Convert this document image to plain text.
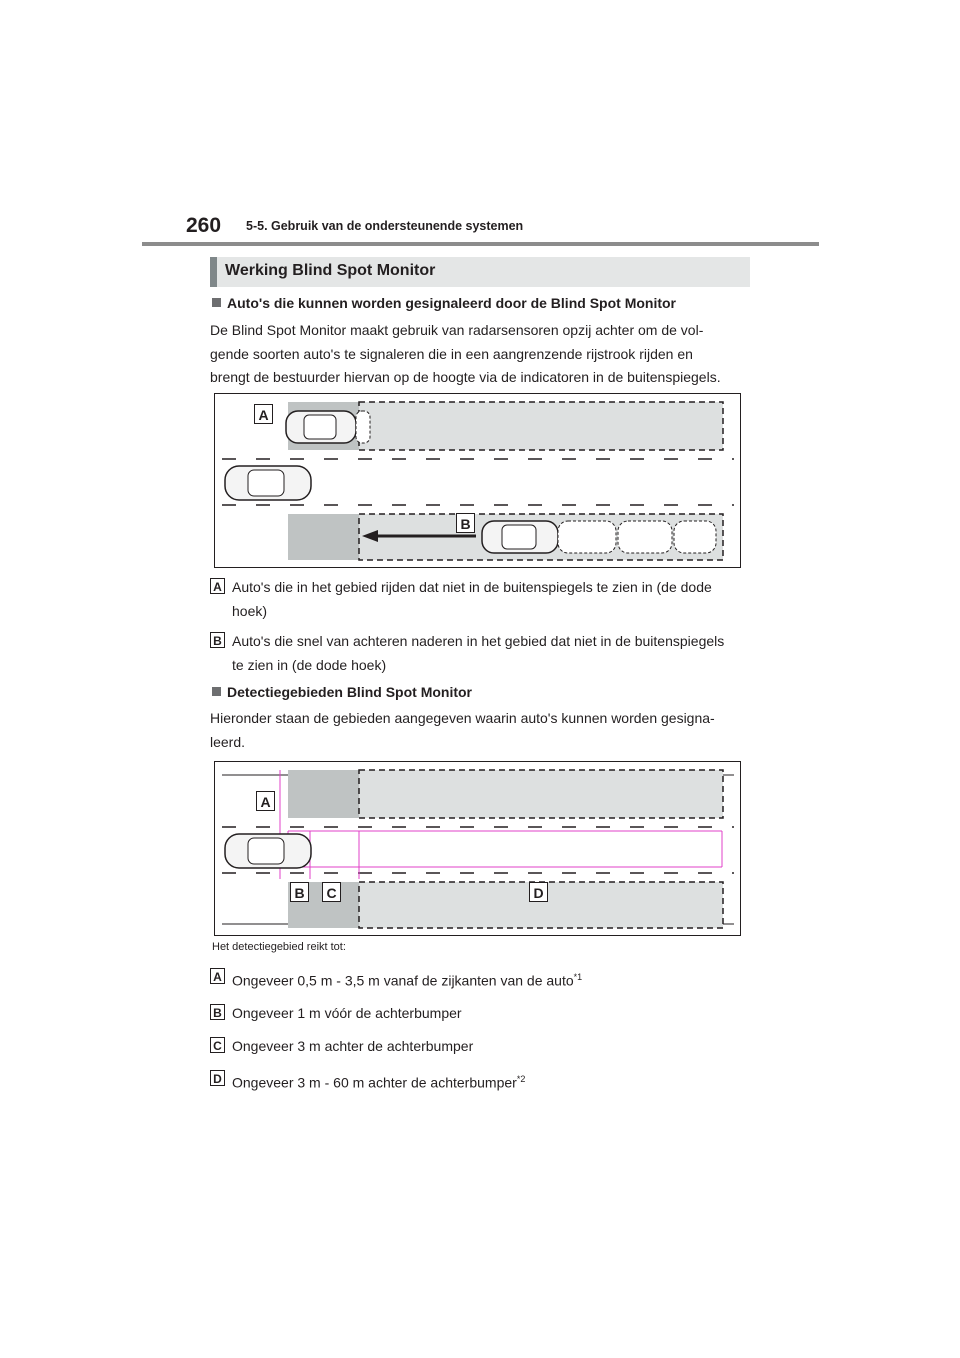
260 5-5. Gebruik van de ondersteunende systemen
Werking Blind Spot Monitor
Auto's die kunnen worden gesignaleerd door de Blind Spot Monitor
De Blind Spot Monitor maakt gebruik van radarsensoren opzij achter om de vol-
gende soorten auto's te signaleren die in een aangrenzende rijstrook rijden en
brengt de bestuurder hiervan op de hoogte via de indicatoren in de buitenspiegels.
A
B
A Auto's die in het gebied rijden dat niet in de buitenspiegels te zien in (de dode
hoek)
B Auto's die snel van achteren naderen in het gebied dat niet in de buitenspiegels
te zien in (de dode hoek)
Detectiegebieden Blind Spot Monitor
Hieronder staan de gebieden aangegeven waarin auto's kunnen worden gesigna-
leerd.
A
B	C	D
Het detectiegebied reikt tot:
A Ongeveer 0,5 m - 3,5 m vanaf de zijkanten van de auto$^{*1}$
B Ongeveer 1 m vóór de achterbumper
C Ongeveer 3 m achter de achterbumper
D Ongeveer 3 m - 60 m achter de achterbumper$^{*2}$
